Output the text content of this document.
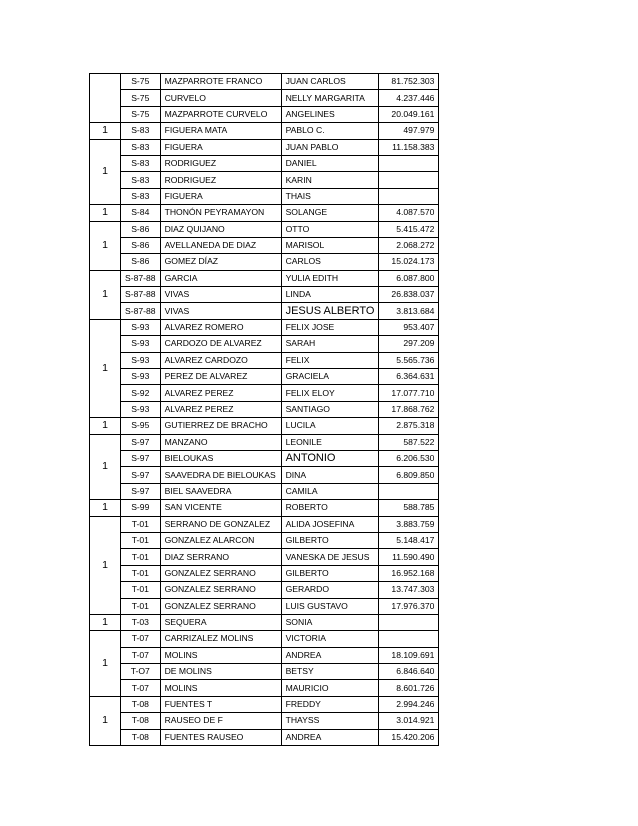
	S-75	MAZPARROTE FRANCO	JUAN CARLOS	81.752.303
	S-75	CURVELO	NELLY MARGARITA	4.237.446
	S-75	MAZPARROTE CURVELO	ANGELINES	20.049.161
1	S-83	FIGUERA MATA	PABLO C.	497.979
1	S-83	FIGUERA	JUAN PABLO	11.158.383
	S-83	RODRIGUEZ	DANIEL	
	S-83	RODRIGUEZ	KARIN	
	S-83	FIGUERA	THAIS	
1	S-84	THONÓN PEYRAMAYON	SOLANGE	4.087.570
1	S-86	DIAZ QUIJANO	OTTO	5.415.472
	S-86	AVELLANEDA DE DIAZ	MARISOL	2.068.272
	S-86	GOMEZ DÍAZ	CARLOS	15.024.173
1	S-87-88	GARCIA	YULIA EDITH	6.087.800
	S-87-88	VIVAS	LINDA	26.838.037
	S-87-88	VIVAS	JESUS ALBERTO	3.813.684
1	S-93	ALVAREZ ROMERO	FELIX JOSE	953.407
	S-93	CARDOZO DE ALVAREZ	SARAH	297.209
	S-93	ALVAREZ CARDOZO	FELIX	5.565.736
	S-93	PEREZ DE ALVAREZ	GRACIELA	6.364.631
	S-92	ALVAREZ PEREZ	FELIX ELOY	17.077.710
	S-93	ALVAREZ PEREZ	SANTIAGO	17.868.762
1	S-95	GUTIERREZ DE BRACHO	LUCILA	2.875.318
1	S-97	MANZANO	LEONILE	587.522
	S-97	BIELOUKAS	ANTONIO	6.206.530
	S-97	SAAVEDRA DE BIELOUKAS	DINA	6.809.850
	S-97	BIEL SAAVEDRA	CAMILA	
1	S-99	SAN VICENTE	ROBERTO	588.785
1	T-01	SERRANO DE GONZALEZ	ALIDA JOSEFINA	3.883.759
	T-01	GONZALEZ ALARCON	GILBERTO	5.148.417
	T-01	DIAZ SERRANO	VANESKA DE JESUS	11.590.490
	T-01	GONZALEZ SERRANO	GILBERTO	16.952.168
	T-01	GONZALEZ SERRANO	GERARDO	13.747.303
	T-01	GONZALEZ SERRANO	LUIS GUSTAVO	17.976.370
1	T-03	SEQUERA	SONIA	
1	T-07	CARRIZALEZ MOLINS	VICTORIA	
	T-07	MOLINS	ANDREA	18.109.691
	T-O7	DE MOLINS	BETSY	6.846.640
	T-07	MOLINS	MAURICIO	8.601.726
1	T-08	FUENTES T	FREDDY	2.994.246
	T-08	RAUSEO DE F	THAYSS	3.014.921
	T-08	FUENTES RAUSEO	ANDREA	15.420.206
